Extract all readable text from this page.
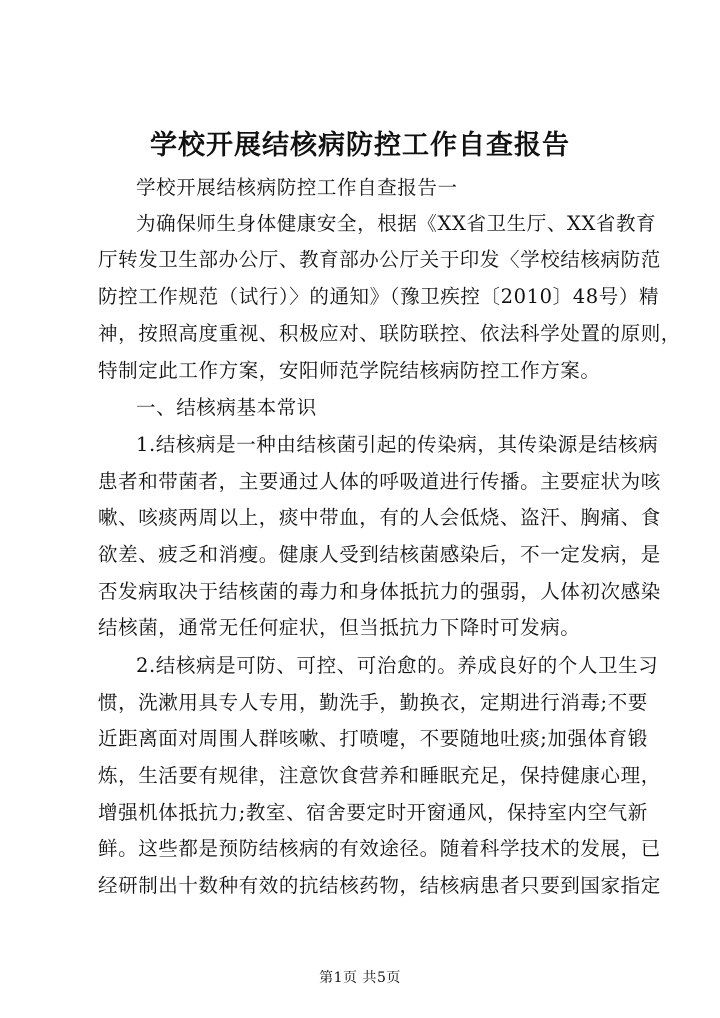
学校开展结核病防控工作自查报告
学校开展结核病防控工作自查报告一
为确保师生身体健康安全，根据《XX省卫生厅、XX省教育
厅转发卫生部办公厅、教育部办公厅关于印发〈学校结核病防范
防控工作规范（试行）〉的通知》（豫卫疾控〔2010〕48号）精
神，按照高度重视、积极应对、联防联控、依法科学处置的原则，
特制定此工作方案，安阳师范学院结核病防控工作方案。
一、结核病基本常识
1.结核病是一种由结核菌引起的传染病，其传染源是结核病
患者和带菌者，主要通过人体的呼吸道进行传播。主要症状为咳
嗽、咳痰两周以上，痰中带血，有的人会低烧、盗汗、胸痛、食
欲差、疲乏和消瘦。健康人受到结核菌感染后，不一定发病，是
否发病取决于结核菌的毒力和身体抵抗力的强弱，人体初次感染
结核菌，通常无任何症状，但当抵抗力下降时可发病。
2.结核病是可防、可控、可治愈的。养成良好的个人卫生习
惯，洗漱用具专人专用，勤洗手，勤换衣，定期进行消毒;不要
近距离面对周围人群咳嗽、打喷嚏，不要随地吐痰;加强体育锻
炼，生活要有规律，注意饮食营养和睡眠充足，保持健康心理，
增强机体抵抗力;教室、宿舍要定时开窗通风，保持室内空气新
鲜。这些都是预防结核病的有效途径。随着科学技术的发展，已
经研制出十数种有效的抗结核药物，结核病患者只要到国家指定
第1页 共5页
